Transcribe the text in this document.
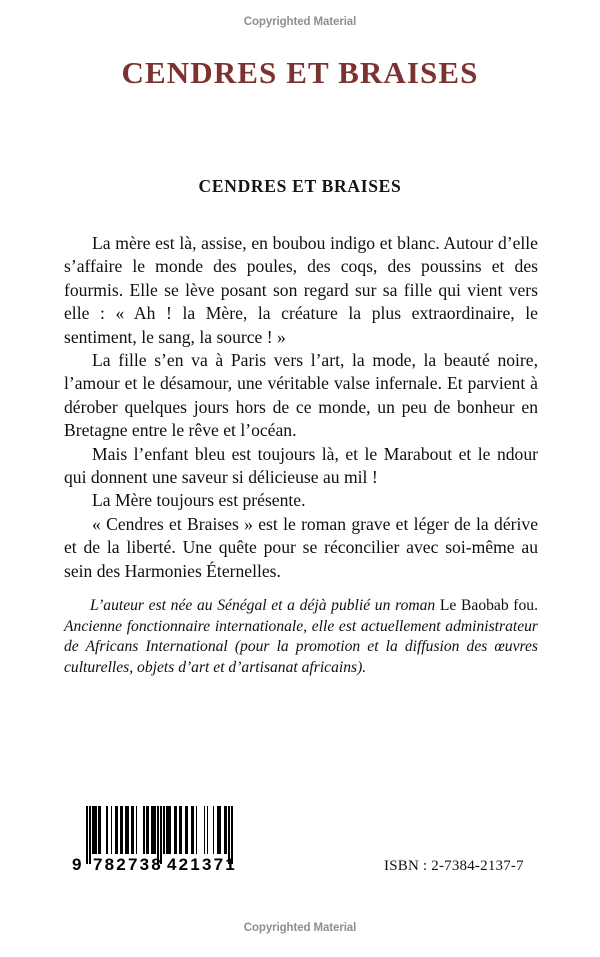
Copyrighted Material
CENDRES ET BRAISES
CENDRES ET BRAISES

La mère est là, assise, en boubou indigo et blanc. Autour d’elle s’affaire le monde des poules, des coqs, des poussins et des fourmis. Elle se lève posant son regard sur sa fille qui vient vers elle : « Ah ! la Mère, la créature la plus extraordinaire, le sentiment, le sang, la source ! »

La fille s’en va à Paris vers l’art, la mode, la beauté noire, l’amour et le désamour, une véritable valse infernale. Et parvient à dérober quelques jours hors de ce monde, un peu de bonheur en Bretagne entre le rêve et l’océan.

Mais l’enfant bleu est toujours là, et le Marabout et le ndour qui donnent une saveur si délicieuse au mil !

La Mère toujours est présente.

« Cendres et Braises » est le roman grave et léger de la dérive et de la liberté. Une quête pour se réconcilier avec soi-même au sein des Harmonies Éternelles.

L’auteur est née au Sénégal et a déjà publié un roman Le Baobab fou. Ancienne fonctionnaire internationale, elle est actuellement administrateur de Africans International (pour la promotion et la diffusion des œuvres culturelles, objets d’art et d’artisanat africains).

9 782738 421371	ISBN : 2-7384-2137-7
Copyrighted Material
